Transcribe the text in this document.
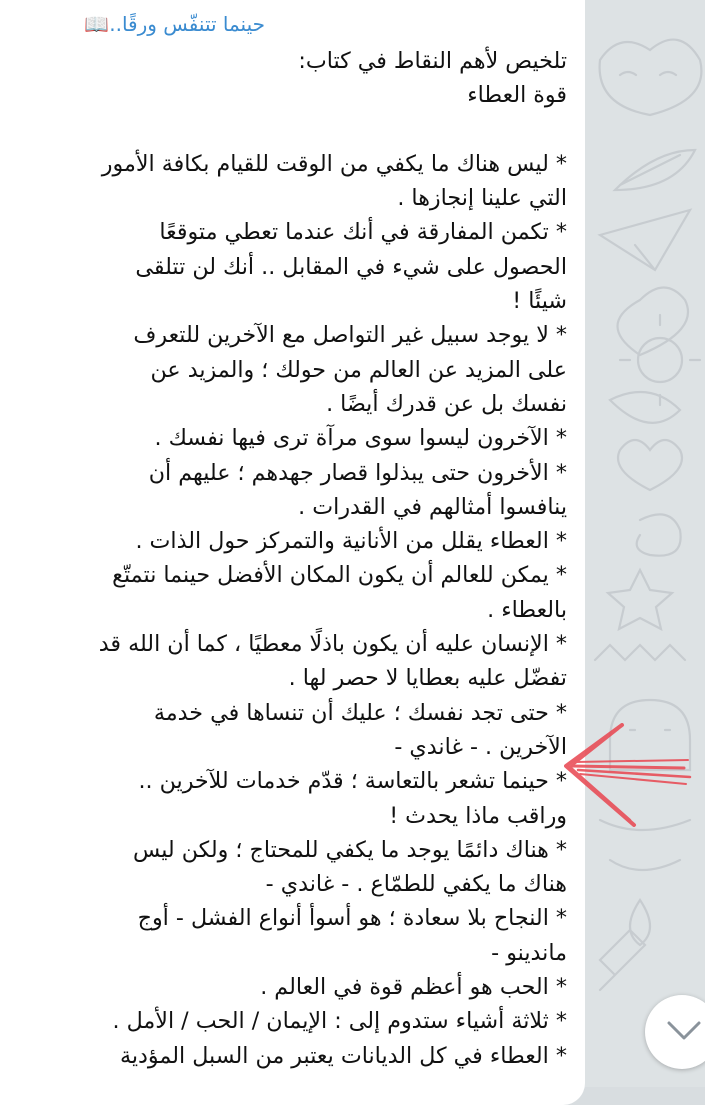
حينما تتنفّس ورقًا..📖
تلخيص لأهم النقاط في كتاب:
قوة العطاء
* ليس هناك ما يكفي من الوقت للقيام بكافة الأمور
التي علينا إنجازها .
* تكمن المفارقة في أنك عندما تعطي متوقعًا
الحصول على شيء في المقابل .. أنك لن تتلقى
شيئًا !
* لا يوجد سبيل غير التواصل مع الآخرين للتعرف
على المزيد عن العالم من حولك ؛ والمزيد عن
نفسك بل عن قدرك أيضًا .
* الآخرون ليسوا سوى مرآة ترى فيها نفسك .
* الأخرون حتى يبذلوا قصار جهدهم ؛ عليهم أن
ينافسوا أمثالهم في القدرات .
* العطاء يقلل من الأنانية والتمركز حول الذات .
* يمكن للعالم أن يكون المكان الأفضل حينما نتمتّع
بالعطاء .
* الإنسان عليه أن يكون باذلًا معطيًا ، كما أن الله قد
تفضّل عليه بعطايا لا حصر لها .
* حتى تجد نفسك ؛ عليك أن تنساها في خدمة
الآخرين . - غاندي -
* حينما تشعر بالتعاسة ؛ قدّم خدمات للآخرين ..
وراقب ماذا يحدث !
* هناك دائمًا يوجد ما يكفي للمحتاج ؛ ولكن ليس
هناك ما يكفي للطمّاع . - غاندي -
* النجاح بلا سعادة ؛ هو أسوأ أنواع الفشل - أوج
ماندينو -
* الحب هو أعظم قوة في العالم .
* ثلاثة أشياء ستدوم إلى : الإيمان / الحب / الأمل .
* العطاء في كل الديانات يعتبر من السبل المؤدية
